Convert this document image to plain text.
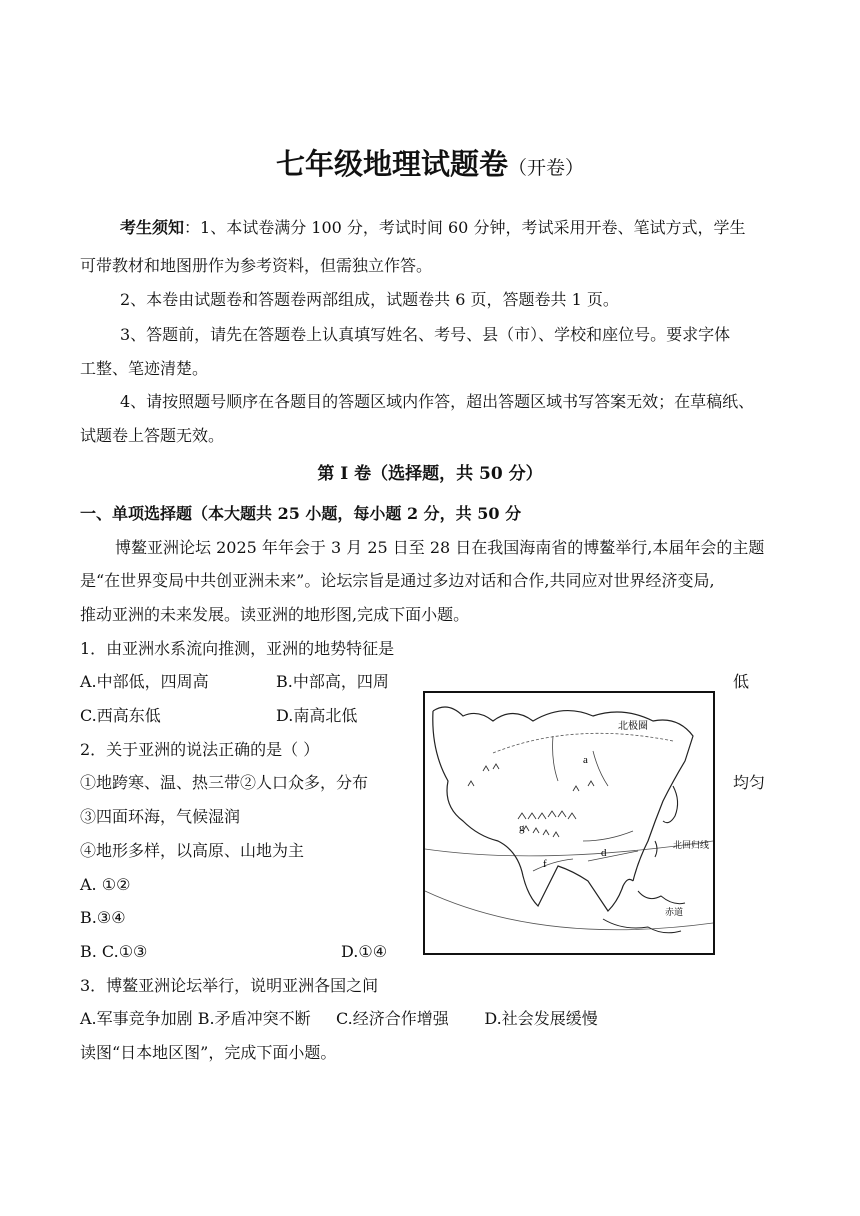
七年级地理试题卷（开卷）
考生须知：1、本试卷满分 100 分，考试时间 60 分钟，考试采用开卷、笔试方式，学生
可带教材和地图册作为参考资料，但需独立作答。
2、本卷由试题卷和答题卷两部组成，试题卷共 6 页，答题卷共 1 页。
3、答题前，请先在答题卷上认真填写姓名、考号、县（市）、学校和座位号。要求字体
工整、笔迹清楚。
4、请按照题号顺序在各题目的答题区域内作答，超出答题区域书写答案无效；在草稿纸、
试题卷上答题无效。
第 I 卷（选择题，共 50 分）
一、单项选择题（本大题共 25 小题，每小题 2 分，共 50 分
博鳌亚洲论坛 2025 年年会于 3 月 25 日至 28 日在我国海南省的博鳌举行,本届年会的主题
是“在世界变局中共创亚洲未来”。论坛宗旨是通过多边对话和合作,共同应对世界经济变局,
推动亚洲的未来发展。读亚洲的地形图,完成下面小题。
1．由亚洲水系流向推测，亚洲的地势特征是
A.中部低，四周高	B.中部高，四周	低
C.西高东低	D.南高北低
2．关于亚洲的说法正确的是（ ）
①地跨寒、温、热三带②人口众多，分布	均匀
③四面环海，气候湿润
④地形多样，以高原、山地为主
A. ①②
B.③④
B. C.①③	D.①④
3．博鳌亚洲论坛举行，说明亚洲各国之间
A.军事竞争加剧 B.矛盾冲突不断     C.经济合作增强       D.社会发展缓慢
读图“日本地区图”，完成下面小题。
北极圈
北回归线
赤道
a
d
f
g
